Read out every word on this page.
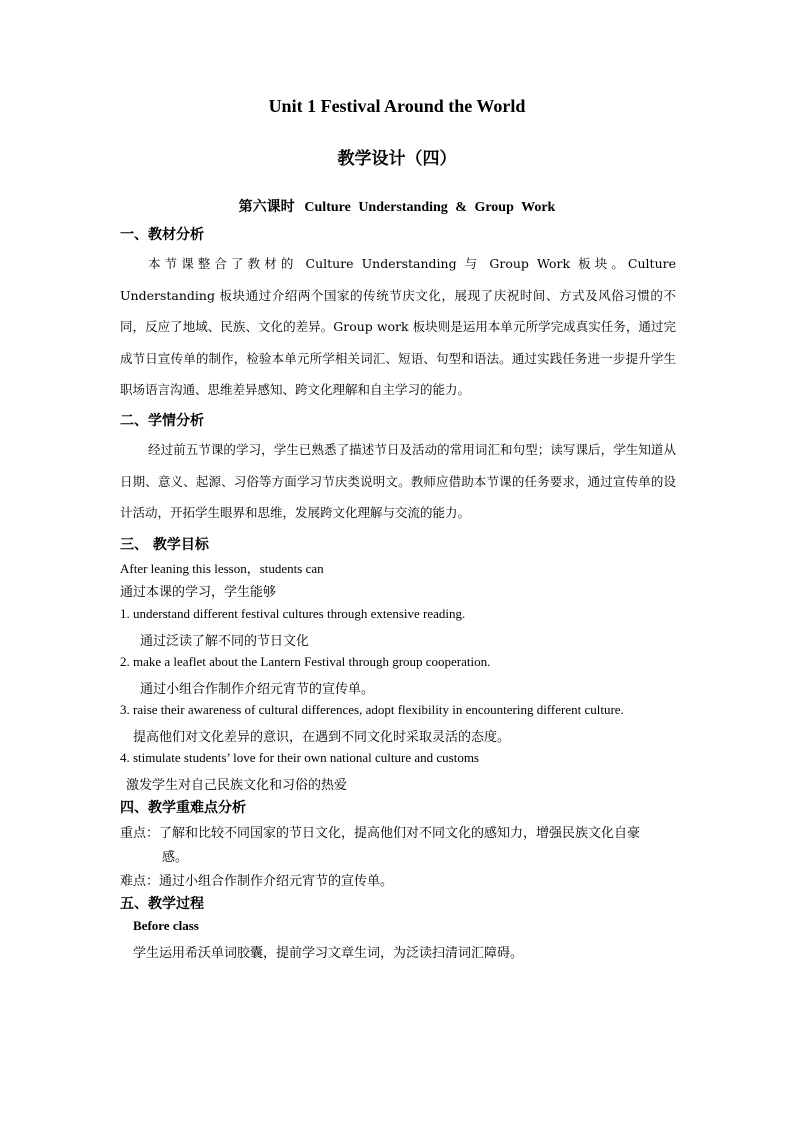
Unit 1 Festival Around the World
教学设计（四）
第六课时 Culture Understanding & Group Work
一、教材分析

本节课整合了教材的 Culture Understanding 与 Group Work 板块。Culture Understanding 板块通过介绍两个国家的传统节庆文化，展现了庆祝时间、方式及风俗习惯的不同，反应了地域、民族、文化的差异。Group work 板块则是运用本单元所学完成真实任务，通过完成节日宣传单的制作，检验本单元所学相关词汇、短语、句型和语法。通过实践任务进一步提升学生职场语言沟通、思维差异感知、跨文化理解和自主学习的能力。

二、学情分析

经过前五节课的学习，学生已熟悉了描述节日及活动的常用词汇和句型；读写课后，学生知道从日期、意义、起源、习俗等方面学习节庆类说明文。教师应借助本节课的任务要求，通过宣传单的设计活动，开拓学生眼界和思维，发展跨文化理解与交流的能力。

三、 教学目标
After leaning this lesson，students can
通过本课的学习，学生能够
1. understand different festival cultures through extensive reading.
通过泛读了解不同的节日文化
2. make a leaflet about the Lantern Festival through group cooperation.
通过小组合作制作介绍元宵节的宣传单。
3. raise their awareness of cultural differences, adopt flexibility in encountering different culture.
提高他们对文化差异的意识，在遇到不同文化时采取灵活的态度。
4. stimulate students’ love for their own national culture and customs
激发学生对自己民族文化和习俗的热爱
四、教学重难点分析
重点：了解和比较不同国家的节日文化，提高他们对不同文化的感知力，增强民族文化自豪
感。
难点：通过小组合作制作介绍元宵节的宣传单。
五、教学过程
Before class
学生运用希沃单词胶囊，提前学习文章生词，为泛读扫清词汇障碍。
